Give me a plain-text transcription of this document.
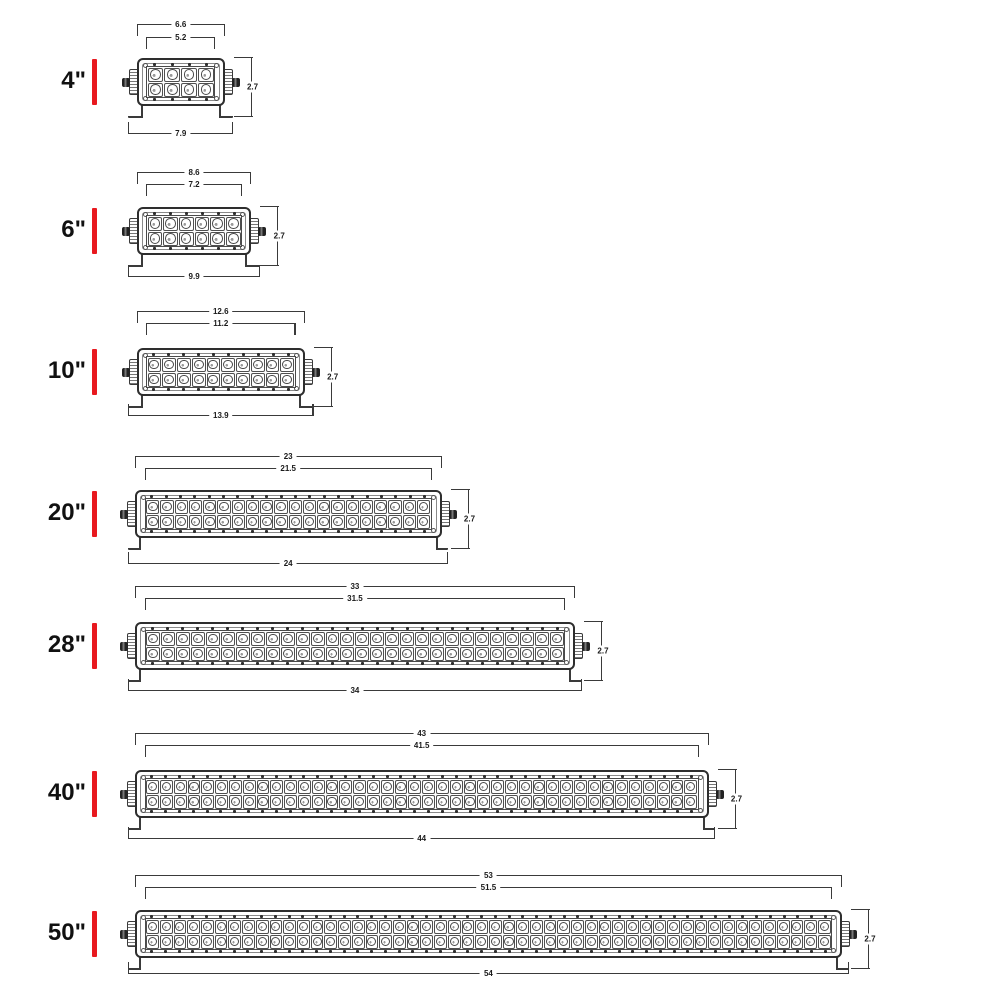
4"
6.6
5.2
7.9
2.7
6"
8.6
7.2
9.9
2.7
10"
12.6
11.2
13.9
2.7
20"
23
21.5
24
2.7
28"
33
31.5
34
2.7
40"
43
41.5
44
2.7
50"
53
51.5
54
2.7
